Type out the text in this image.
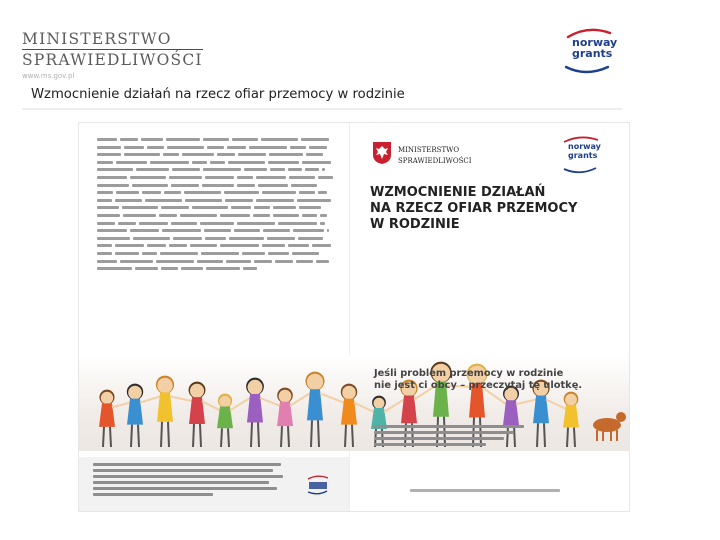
MINISTERSTWO
SPRAWIEDLIWOŚCI
www.ms.gov.pl
norway
grants
Wzmocnienie działań na rzecz ofiar przemocy w rodzinie
MINISTERSTWO
SPRAWIEDLIWOŚCI
norway
grants
WZMOCNIENIE DZIAŁAŃ
NA RZECZ OFIAR PRZEMOCY
W RODZINIE
Jeśli problem przemocy w rodzinie
nie jest ci obcy – przeczytaj tę ulotkę.
